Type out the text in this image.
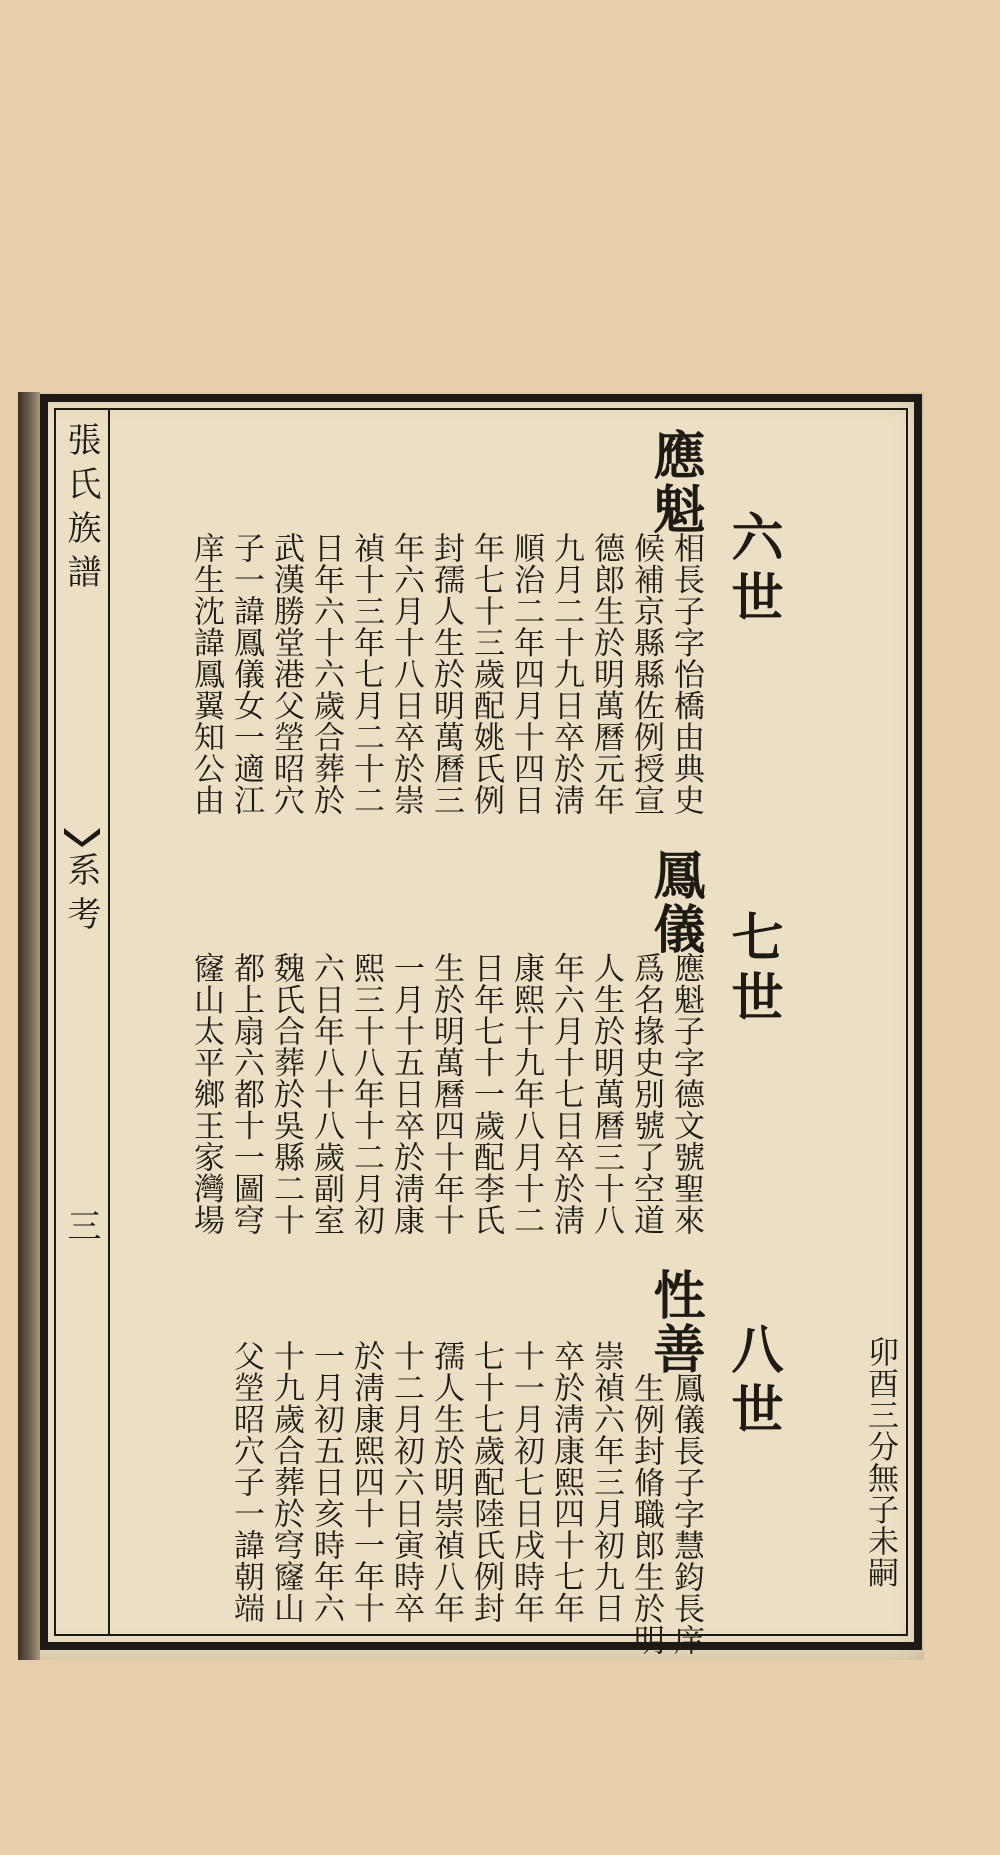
張氏族譜

系考

三

卯酉三分無子未嗣

六世

七世

八世

應魁

相長子字怡橋由典史

候補京縣縣佐例授宣

德郎生於明萬曆元年

九月二十九日卒於淸

順治二年四月十四日

年七十三歲配姚氏例

封孺人生於明萬曆三

年六月十八日卒於崇

禎十三年七月二十二

日年六十六歲合葬於

武漢勝堂港父塋昭穴

子一諱鳳儀女一適江

庠生沈諱鳳翼知公由

鳳儀

應魁子字德文號聖來

爲名掾史別號了空道

人生於明萬曆三十八

年六月十七日卒於淸

康熙十九年八月十二

日年七十一歲配李氏

生於明萬曆四十年十

一月十五日卒於淸康

熙三十八年十二月初

六日年八十八歲副室

魏氏合葬於吳縣二十

都上扇六都十一圖穹

窿山太平鄉王家灣場

性善

鳳儀長子字慧鈞長庠

生例封脩職郎生於明

崇禎六年三月初九日

卒於淸康熙四十七年

十一月初七日戌時年

七十七歲配陸氏例封

孺人生於明崇禎八年

十二月初六日寅時卒

於淸康熙四十一年十

一月初五日亥時年六

十九歲合葬於穹窿山

父塋昭穴子一諱朝端
